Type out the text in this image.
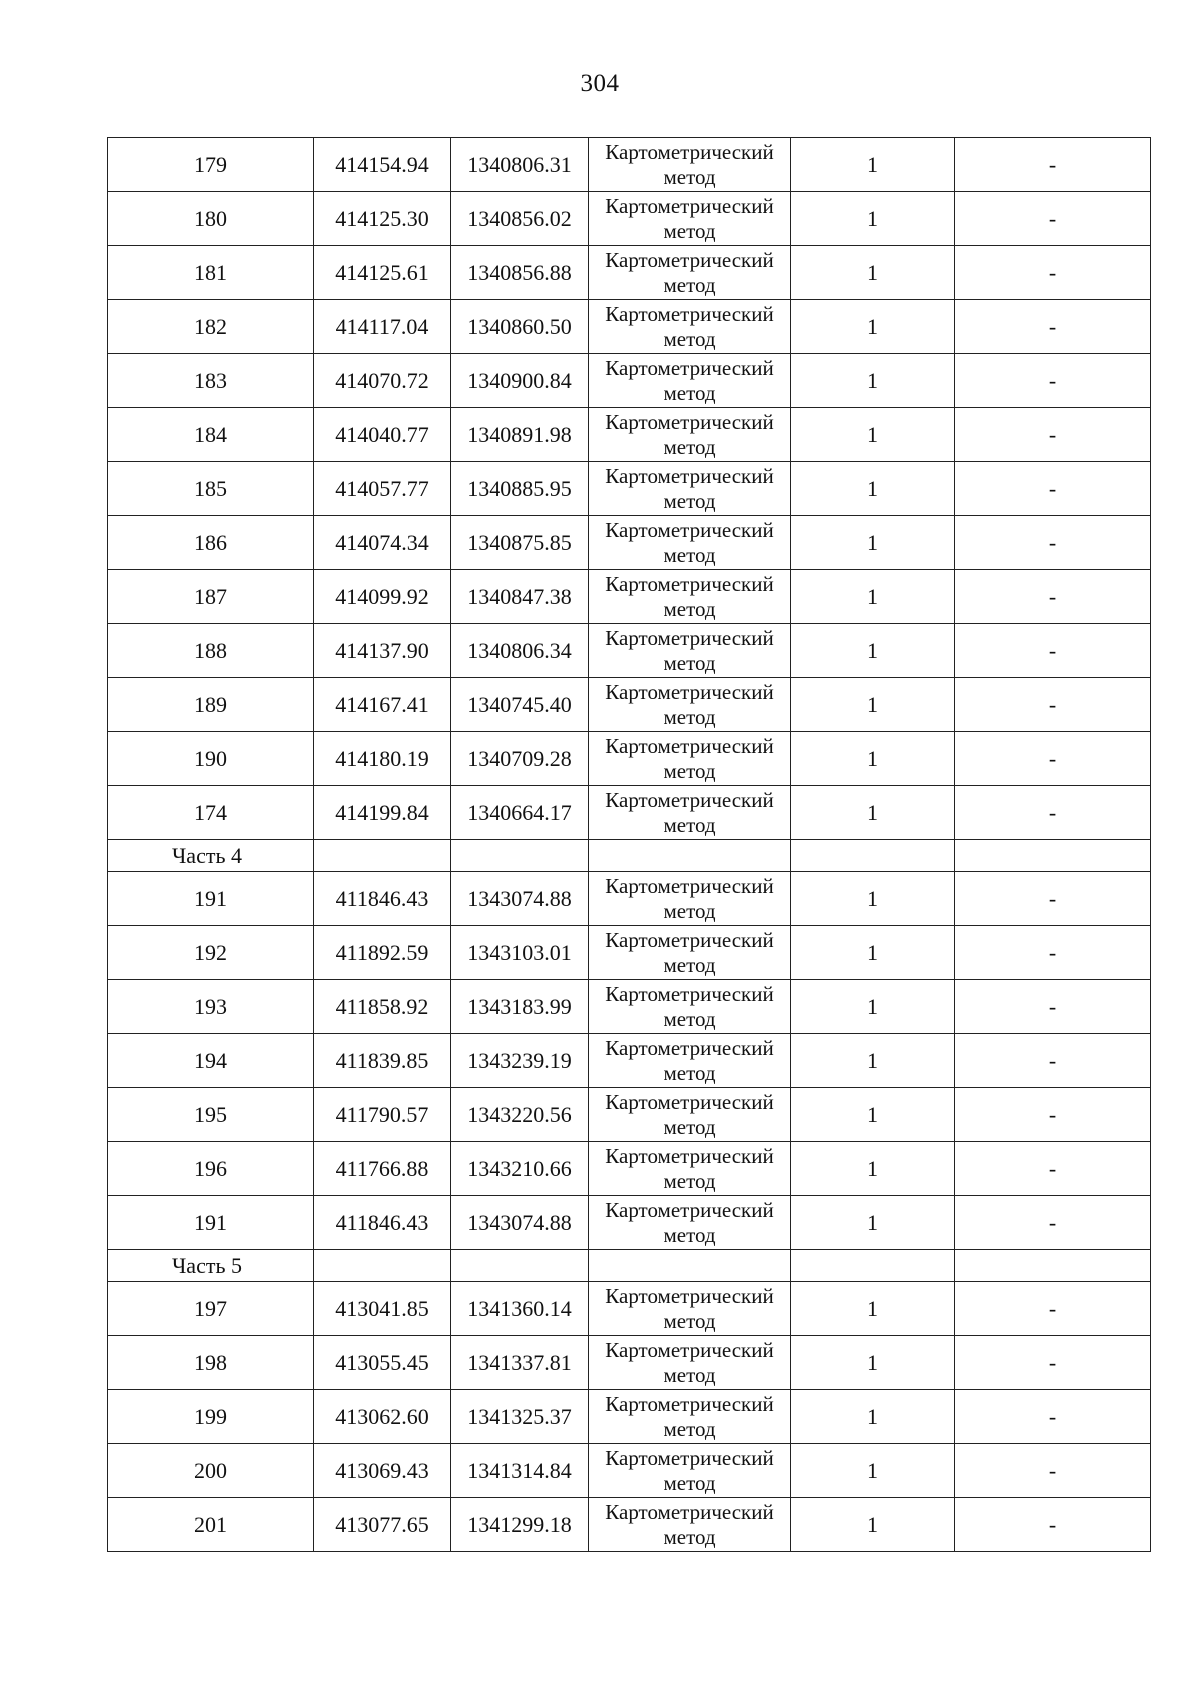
304
179	414154.94	1340806.31	Картометрический
метод	1	-
180	414125.30	1340856.02	Картометрический
метод	1	-
181	414125.61	1340856.88	Картометрический
метод	1	-
182	414117.04	1340860.50	Картометрический
метод	1	-
183	414070.72	1340900.84	Картометрический
метод	1	-
184	414040.77	1340891.98	Картометрический
метод	1	-
185	414057.77	1340885.95	Картометрический
метод	1	-
186	414074.34	1340875.85	Картометрический
метод	1	-
187	414099.92	1340847.38	Картометрический
метод	1	-
188	414137.90	1340806.34	Картометрический
метод	1	-
189	414167.41	1340745.40	Картометрический
метод	1	-
190	414180.19	1340709.28	Картометрический
метод	1	-
174	414199.84	1340664.17	Картометрический
метод	1	-
Часть 4					
191	411846.43	1343074.88	Картометрический
метод	1	-
192	411892.59	1343103.01	Картометрический
метод	1	-
193	411858.92	1343183.99	Картометрический
метод	1	-
194	411839.85	1343239.19	Картометрический
метод	1	-
195	411790.57	1343220.56	Картометрический
метод	1	-
196	411766.88	1343210.66	Картометрический
метод	1	-
191	411846.43	1343074.88	Картометрический
метод	1	-
Часть 5					
197	413041.85	1341360.14	Картометрический
метод	1	-
198	413055.45	1341337.81	Картометрический
метод	1	-
199	413062.60	1341325.37	Картометрический
метод	1	-
200	413069.43	1341314.84	Картометрический
метод	1	-
201	413077.65	1341299.18	Картометрический
метод	1	-
